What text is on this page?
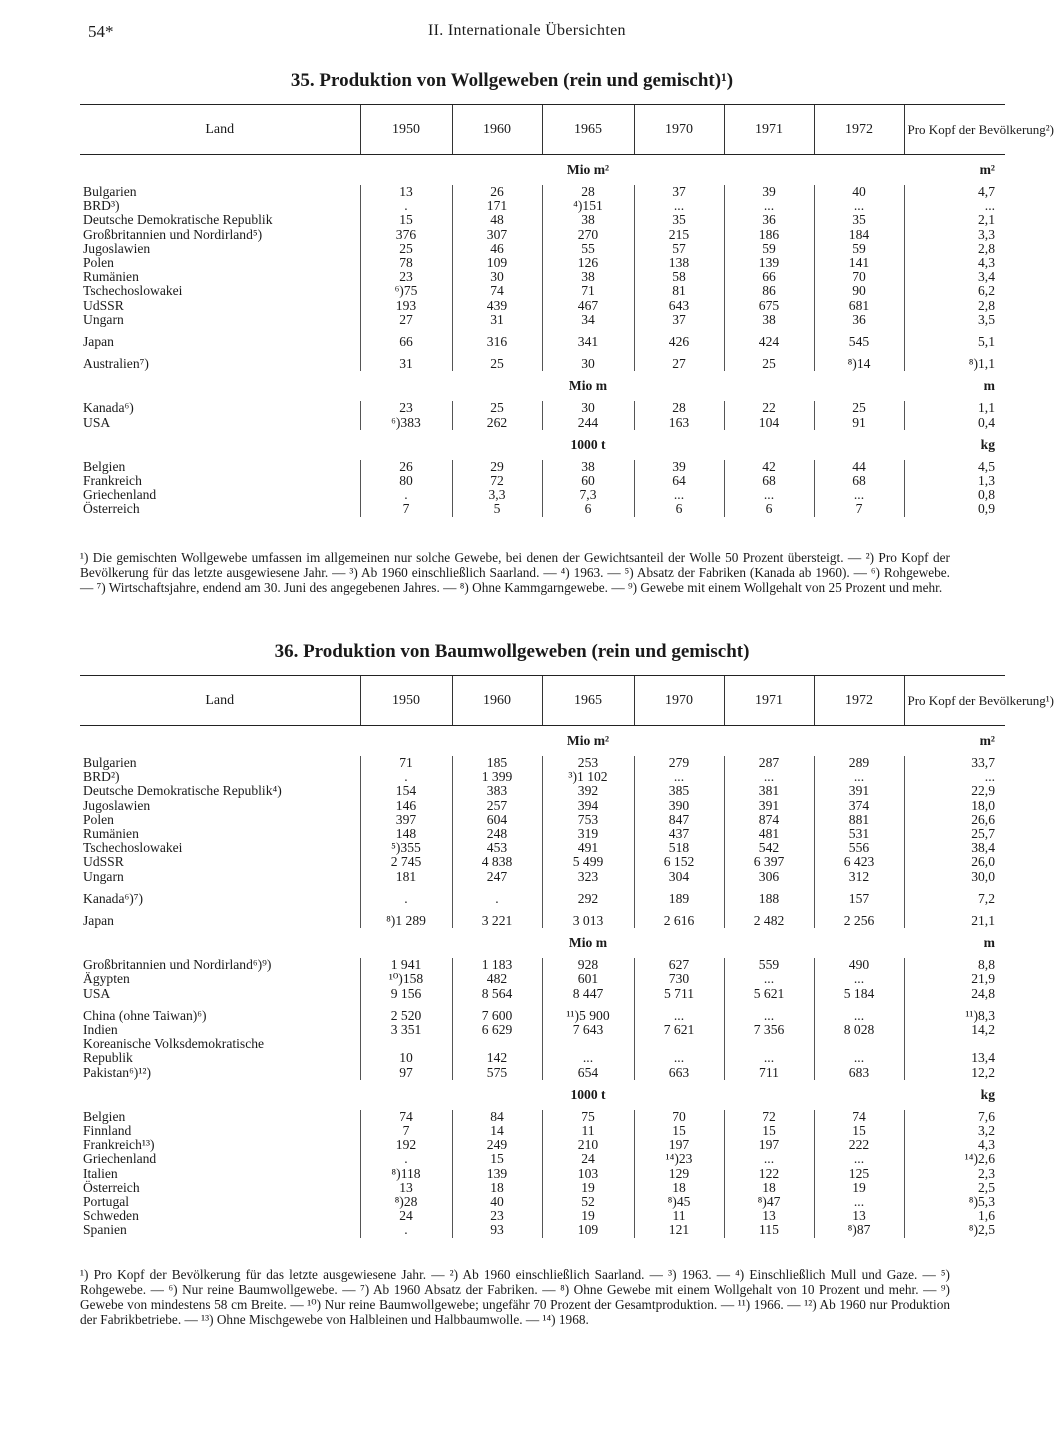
54*	II. Internationale Übersichten
35. Produktion von Wollgeweben (rein und gemischt)¹)
Land	1950	1960	1965	1970	1971	1972	Pro Kopf der Bevölkerung²)
		Mio m²					m²
Bulgarien	13	26	28	37	39	40	4,7
BRD³)	.	171	⁴)151	...	...	...	...
Deutsche Demokratische Republik	15	48	38	35	36	35	2,1
Großbritannien und Nordirland⁵)	376	307	270	215	186	184	3,3
Jugoslawien	25	46	55	57	59	59	2,8
Polen	78	109	126	138	139	141	4,3
Rumänien	23	30	38	58	66	70	3,4
Tschechoslowakei	⁶)75	74	71	81	86	90	6,2
UdSSR	193	439	467	643	675	681	2,8
Ungarn	27	31	34	37	38	36	3,5

Japan	66	316	341	426	424	545	5,1

Australien⁷)	31	25	30	27	25	⁸)14	⁸)1,1
		Mio m					m
Kanada⁶)	23	25	30	28	22	25	1,1
USA	⁶)383	262	244	163	104	91	0,4
		1000 t					kg
Belgien	26	29	38	39	42	44	4,5
Frankreich	80	72	60	64	68	68	1,3
Griechenland	.	3,3	7,3	...	...	...	0,8
Österreich	7	5	6	6	6	7	0,9
¹) Die gemischten Wollgewebe umfassen im allgemeinen nur solche Gewebe, bei denen der Gewichtsanteil der Wolle 50 Prozent übersteigt. — ²) Pro Kopf der Bevölkerung für das letzte ausgewiesene Jahr. — ³) Ab 1960 einschließlich Saarland. — ⁴) 1963. — ⁵) Absatz der Fabriken (Kanada ab 1960). — ⁶) Rohgewebe. — ⁷) Wirtschaftsjahre, endend am 30. Juni des angegebenen Jahres. — ⁸) Ohne Kammgarngewebe. — ⁹) Gewebe mit einem Wollgehalt von 25 Prozent und mehr.
36. Produktion von Baumwollgeweben (rein und gemischt)
Land	1950	1960	1965	1970	1971	1972	Pro Kopf der Bevölkerung¹)
		Mio m²					m²
Bulgarien	71	185	253	279	287	289	33,7
BRD²)	.	1 399	³)1 102	...	...	...	...
Deutsche Demokratische Republik⁴)	154	383	392	385	381	391	22,9
Jugoslawien	146	257	394	390	391	374	18,0
Polen	397	604	753	847	874	881	26,6
Rumänien	148	248	319	437	481	531	25,7
Tschechoslowakei	⁵)355	453	491	518	542	556	38,4
UdSSR	2 745	4 838	5 499	6 152	6 397	6 423	26,0
Ungarn	181	247	323	304	306	312	30,0

Kanada⁶)⁷)	.	.	292	189	188	157	7,2

Japan	⁸)1 289	3 221	3 013	2 616	2 482	2 256	21,1
		Mio m					m
Großbritannien und Nordirland⁶)⁹)	1 941	1 183	928	627	559	490	8,8
Ägypten	¹⁰)158	482	601	730	...	...	21,9
USA	9 156	8 564	8 447	5 711	5 621	5 184	24,8

China (ohne Taiwan)⁶)	2 520	7 600	¹¹)5 900	...	...	...	¹¹)8,3
Indien	3 351	6 629	7 643	7 621	7 356	8 028	14,2
Koreanische Volksdemokratische							
Republik	10	142	...	...	...	...	13,4
Pakistan⁶)¹²)	97	575	654	663	711	683	12,2
		1000 t					kg
Belgien	74	84	75	70	72	74	7,6
Finnland	7	14	11	15	15	15	3,2
Frankreich¹³)	192	249	210	197	197	222	4,3
Griechenland	.	15	24	¹⁴)23	...	...	¹⁴)2,6
Italien	⁸)118	139	103	129	122	125	2,3
Österreich	13	18	19	18	18	19	2,5
Portugal	⁸)28	40	52	⁸)45	⁸)47	...	⁸)5,3
Schweden	24	23	19	11	13	13	1,6
Spanien	.	93	109	121	115	⁸)87	⁸)2,5
¹) Pro Kopf der Bevölkerung für das letzte ausgewiesene Jahr. — ²) Ab 1960 einschließlich Saarland. — ³) 1963. — ⁴) Einschließlich Mull und Gaze. — ⁵) Rohgewebe. — ⁶) Nur reine Baumwollgewebe. — ⁷) Ab 1960 Absatz der Fabriken. — ⁸) Ohne Gewebe mit einem Wollgehalt von 10 Prozent und mehr. — ⁹) Gewebe von mindestens 58 cm Breite. — ¹⁰) Nur reine Baumwollgewebe; ungefähr 70 Prozent der Gesamtproduktion. — ¹¹) 1966. — ¹²) Ab 1960 nur Produktion der Fabrikbetriebe. — ¹³) Ohne Mischgewebe von Halbleinen und Halbbaumwolle. — ¹⁴) 1968.
